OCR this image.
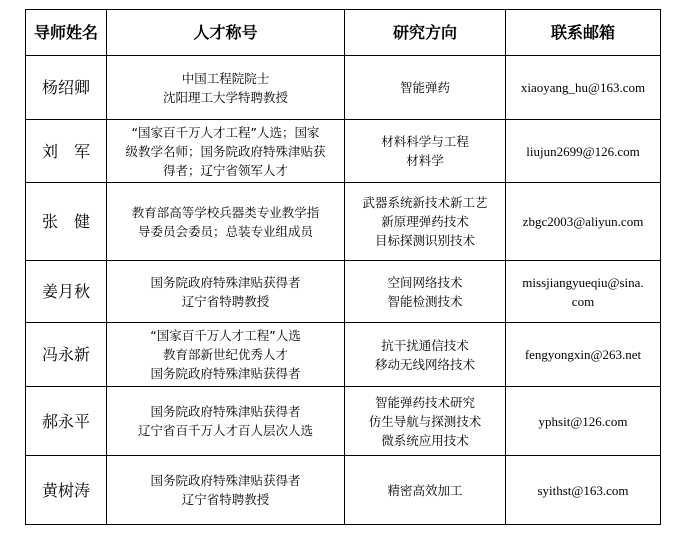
导师姓名	人才称号	研究方向	联系邮箱
杨绍卿	中国工程院院士
沈阳理工大学特聘教授	智能弹药	xiaoyang_hu@163.com

刘　军	“国家百千万人才工程”人选；国家
级教学名师；国务院政府特殊津贴获
得者；辽宁省领军人才	材料科学与工程
材料学	liujun2699@126.com

张　健	教育部高等学校兵器类专业教学指
导委员会委员；总装专业组成员	武器系统新技术新工艺
新原理弹药技术
目标探测识别技术	zbgc2003@aliyun.com

姜月秋	国务院政府特殊津贴获得者
辽宁省特聘教授	空间网络技术
智能检测技术	missjiangyueqiu@sina.
com

冯永新	“国家百千万人才工程”人选
教育部新世纪优秀人才
国务院政府特殊津贴获得者	抗干扰通信技术
移动无线网络技术	fengyongxin@263.net

郝永平	国务院政府特殊津贴获得者
辽宁省百千万人才百人层次人选	智能弹药技术研究
仿生导航与探测技术
微系统应用技术	yphsit@126.com

黄树涛	国务院政府特殊津贴获得者
辽宁省特聘教授	精密高效加工	syithst@163.com
